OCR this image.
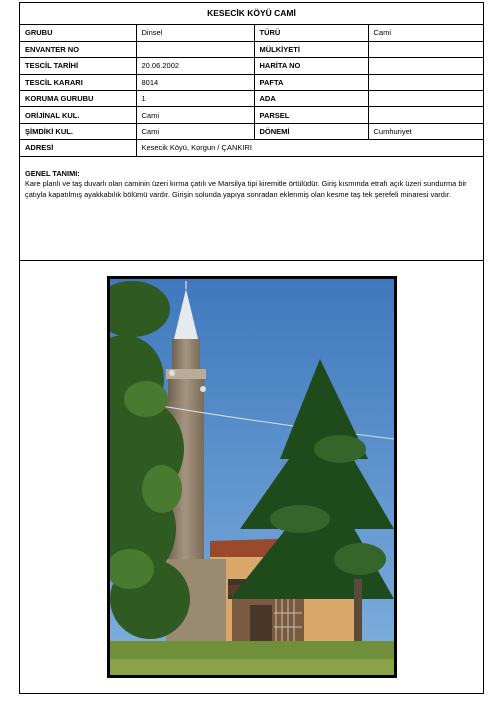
KESECİK KÖYÜ CAMİ
GRUBU	Dinsel	TÜRÜ	Cami
ENVANTER NO		MÜLKİYETİ	
TESCİL TARİHİ	20.06.2002	HARİTA NO	
TESCİL KARARI	8014	PAFTA	
KORUMA GURUBU	1	ADA	
ORİJİNAL KUL.	Cami	PARSEL	
ŞİMDİKİ KUL.	Cami	DÖNEMİ	Cumhuriyet
ADRESİ	Kesecik Köyü, Korgun / ÇANKIRI		
GENEL TANIMI:
Kare planlı ve taş duvarlı olan caminin üzeri kırma çatılı ve Marsilya tipi kiremitle örtülüdür. Giriş kısmında etrafı açık üzeri sundurma bir çatıyla kapatılmış ayakkabılık bölümü vardır. Girişin solunda yapıya sonradan eklenmiş olan kesme taş tek şerefeli minaresi vardır.
